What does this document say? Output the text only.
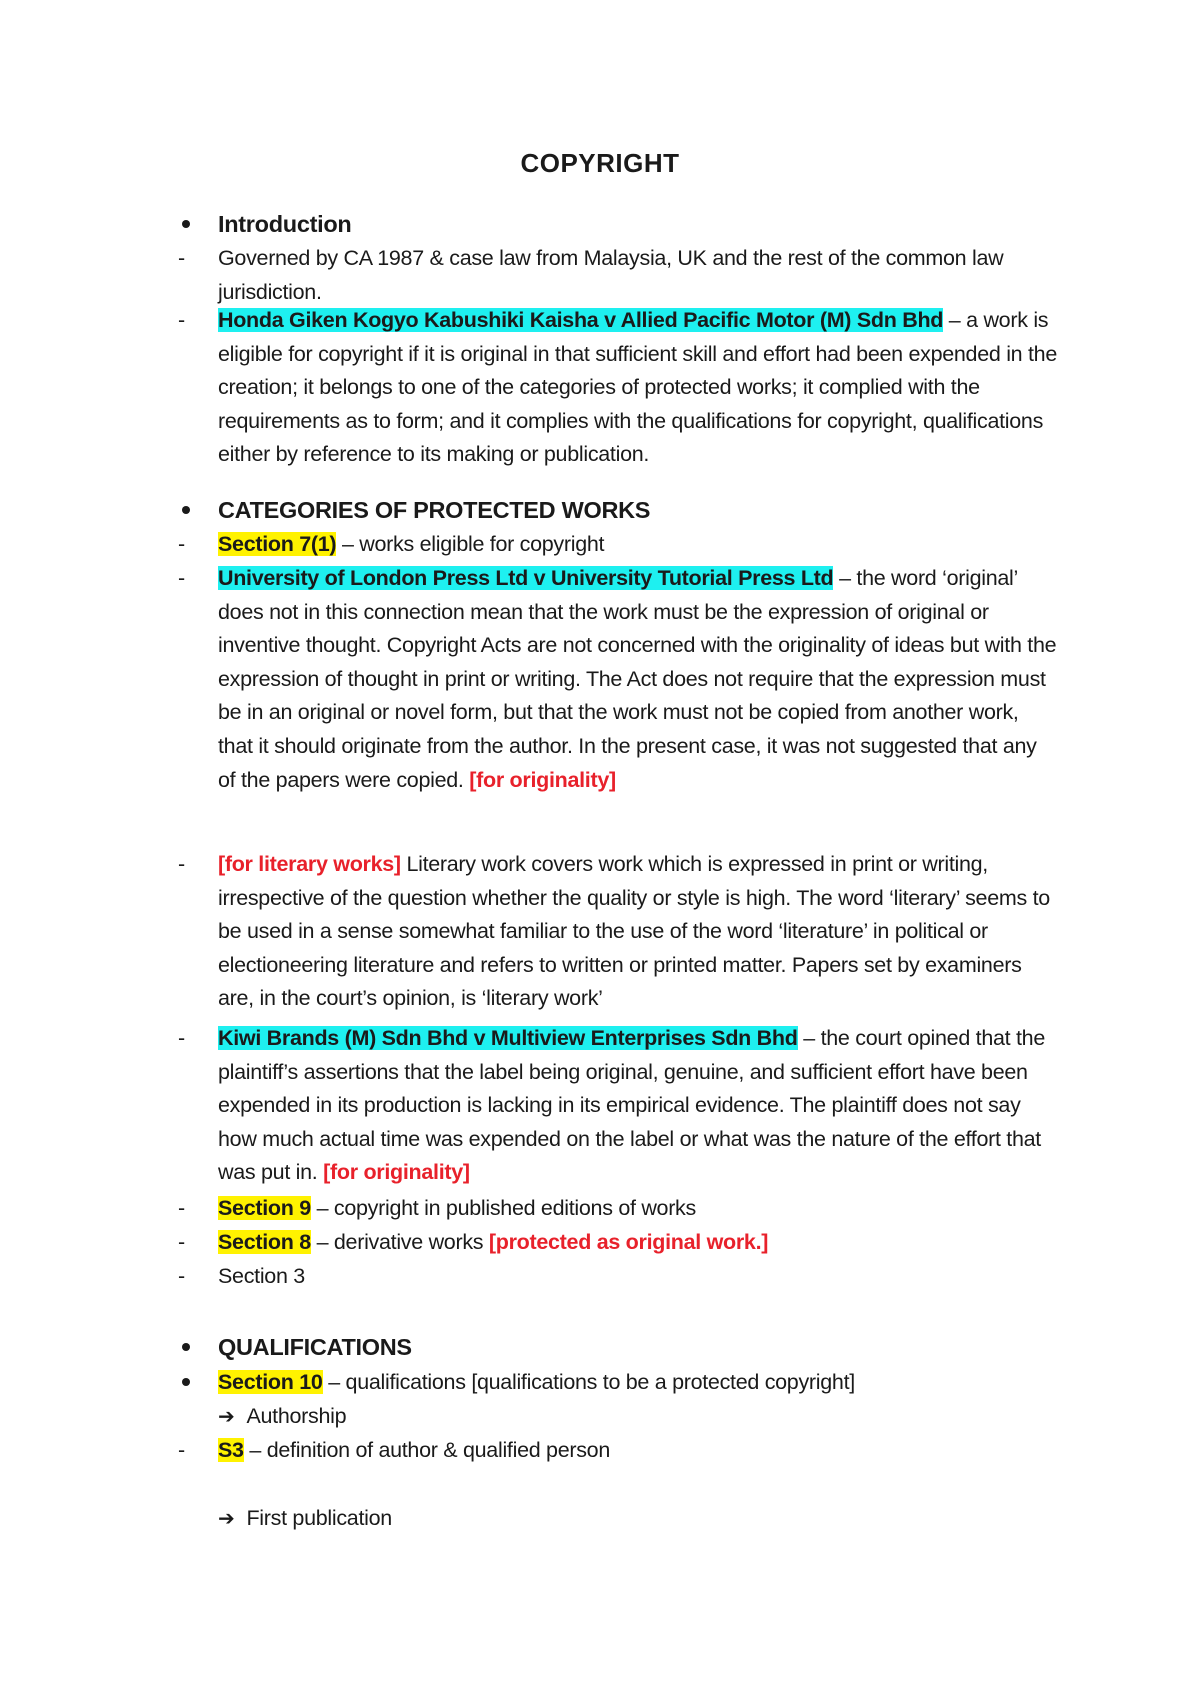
COPYRIGHT
Introduction
-	Governed by CA 1987 & case law from Malaysia, UK and the rest of the common law jurisdiction.
-	Honda Giken Kogyo Kabushiki Kaisha v Allied Pacific Motor (M) Sdn Bhd – a work is eligible for copyright if it is original in that sufficient skill and effort had been expended in the creation; it belongs to one of the categories of protected works; it complied with the requirements as to form; and it complies with the qualifications for copyright, qualifications either by reference to its making or publication.
CATEGORIES OF PROTECTED WORKS
-	Section 7(1) – works eligible for copyright
-	University of London Press Ltd v University Tutorial Press Ltd – the word ‘original’ does not in this connection mean that the work must be the expression of original or inventive thought. Copyright Acts are not concerned with the originality of ideas but with the expression of thought in print or writing. The Act does not require that the expression must be in an original or novel form, but that the work must not be copied from another work, that it should originate from the author. In the present case, it was not suggested that any of the papers were copied. [for originality]
-	[for literary works] Literary work covers work which is expressed in print or writing, irrespective of the question whether the quality or style is high. The word ‘literary’ seems to be used in a sense somewhat familiar to the use of the word ‘literature’ in political or electioneering literature and refers to written or printed matter. Papers set by examiners are, in the court’s opinion, is ‘literary work’
-	Kiwi Brands (M) Sdn Bhd v Multiview Enterprises Sdn Bhd – the court opined that the plaintiff’s assertions that the label being original, genuine, and sufficient effort have been expended in its production is lacking in its empirical evidence. The plaintiff does not say how much actual time was expended on the label or what was the nature of the effort that was put in. [for originality]
-	Section 9 – copyright in published editions of works
-	Section 8 – derivative works [protected as original work.]
-	Section 3
QUALIFICATIONS
Section 10 – qualifications [qualifications to be a protected copyright]
➔ Authorship
-	S3 – definition of author & qualified person
➔ First publication
